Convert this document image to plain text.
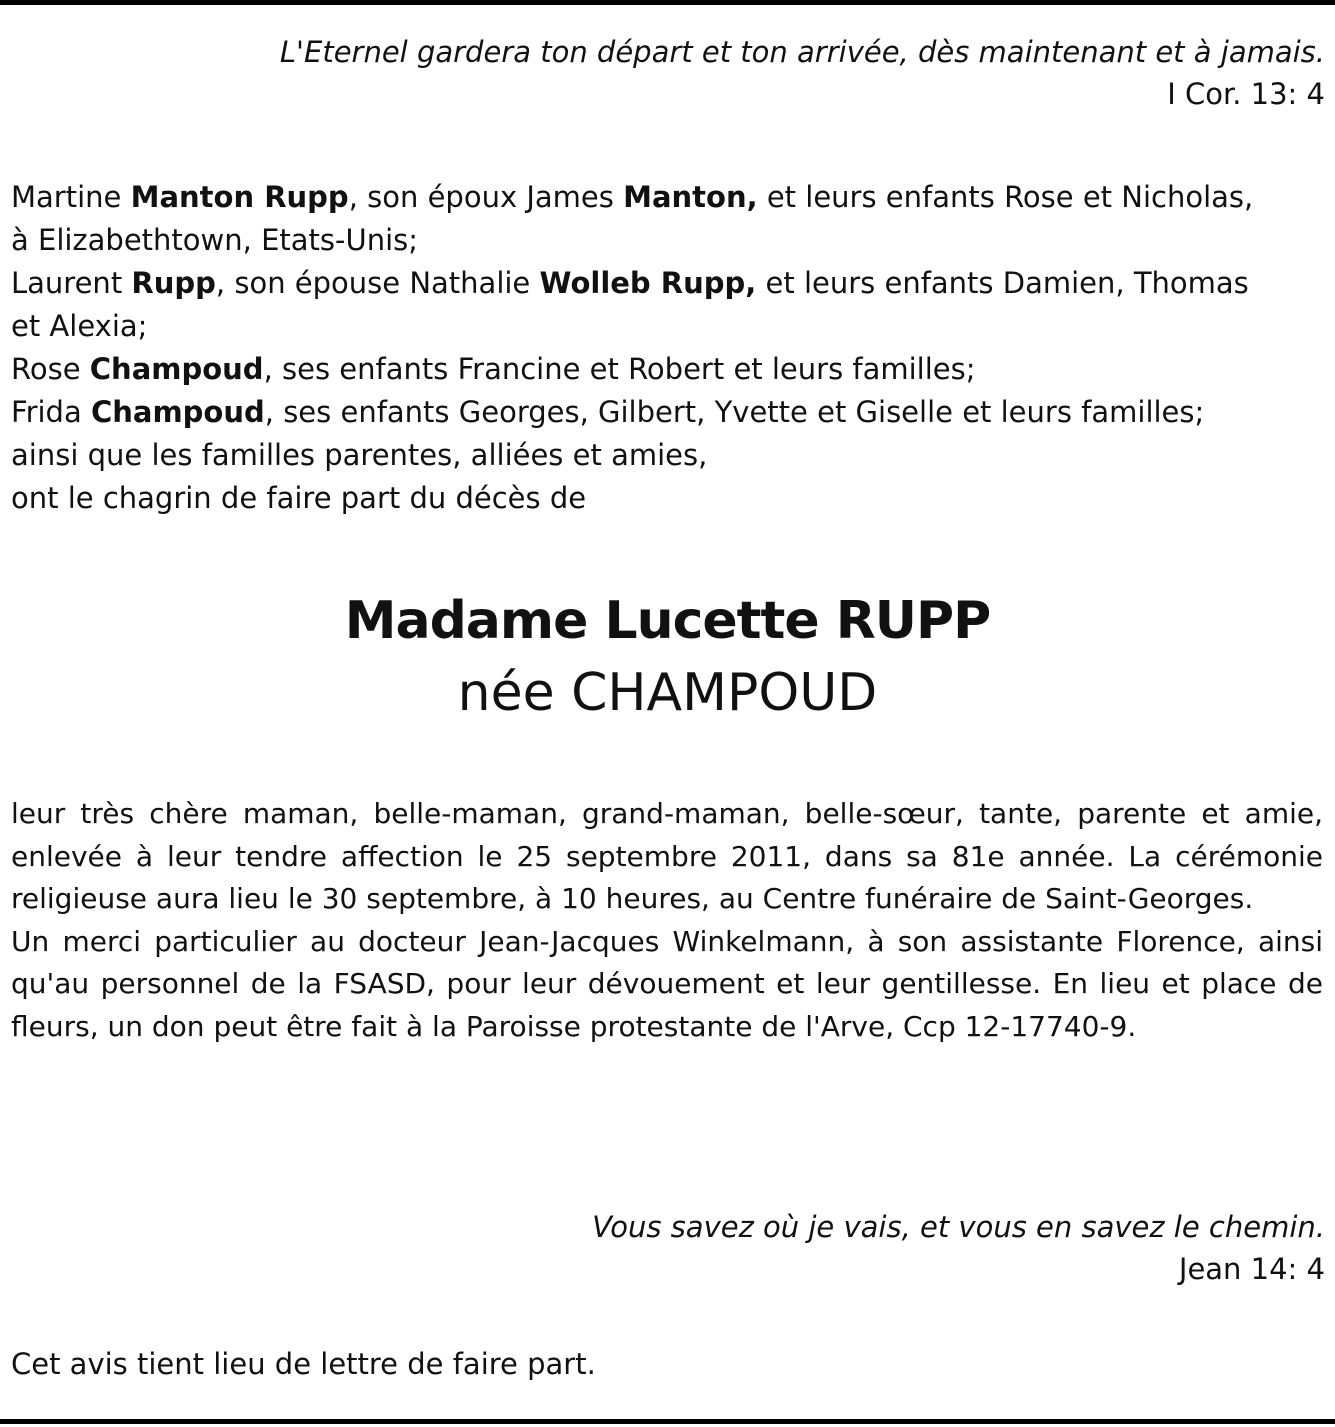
L'Eternel gardera ton départ et ton arrivée, dès maintenant et à jamais.
I Cor. 13: 4
Martine Manton Rupp, son époux James Manton, et leurs enfants Rose et Nicholas,
à Elizabethtown, Etats-Unis;
Laurent Rupp, son épouse Nathalie Wolleb Rupp, et leurs enfants Damien, Thomas
et Alexia;
Rose Champoud, ses enfants Francine et Robert et leurs familles;
Frida Champoud, ses enfants Georges, Gilbert, Yvette et Giselle et leurs familles;
ainsi que les familles parentes, alliées et amies,
ont le chagrin de faire part du décès de
Madame Lucette RUPP
née CHAMPOUD

leur très chère maman, belle-maman, grand-maman, belle-sœur, tante, parente et amie, enlevée à leur tendre affection le 25 septembre 2011, dans sa 81e année. La cérémonie religieuse aura lieu le 30 septembre, à 10 heures, au Centre funéraire de Saint-Georges.

Un merci particulier au docteur Jean-Jacques Winkelmann, à son assistante Florence, ainsi qu'au personnel de la FSASD, pour leur dévouement et leur gentillesse. En lieu et place de fleurs, un don peut être fait à la Paroisse protestante de l'Arve, Ccp 12-17740-9.

Vous savez où je vais, et vous en savez le chemin.
Jean 14: 4
Cet avis tient lieu de lettre de faire part.
